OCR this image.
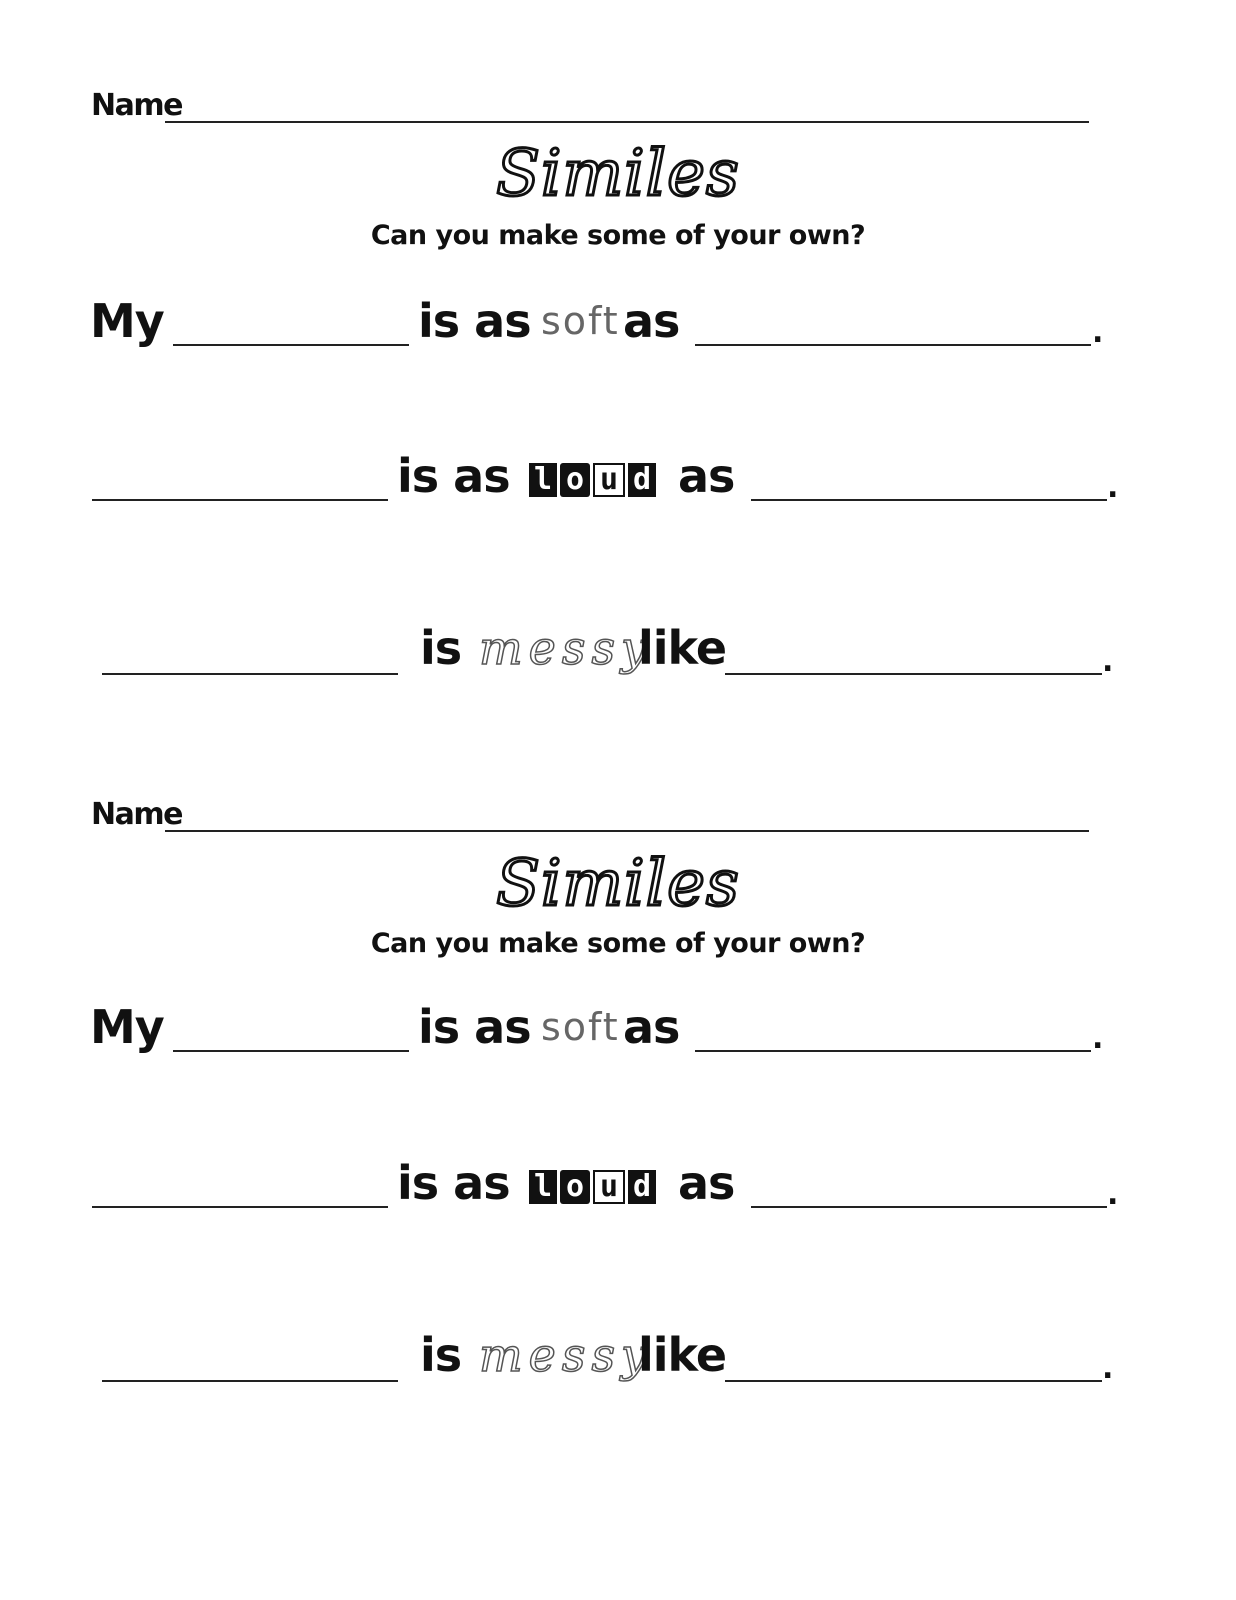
Name
Similes
Can you make some of your own?
My	is as soft as	.
is as l o u d as	.
is messy
like	.
Name
Similes
Can you make some of your own?
My	is as soft as	.
is as l o u d as	.
is messy
like	.
